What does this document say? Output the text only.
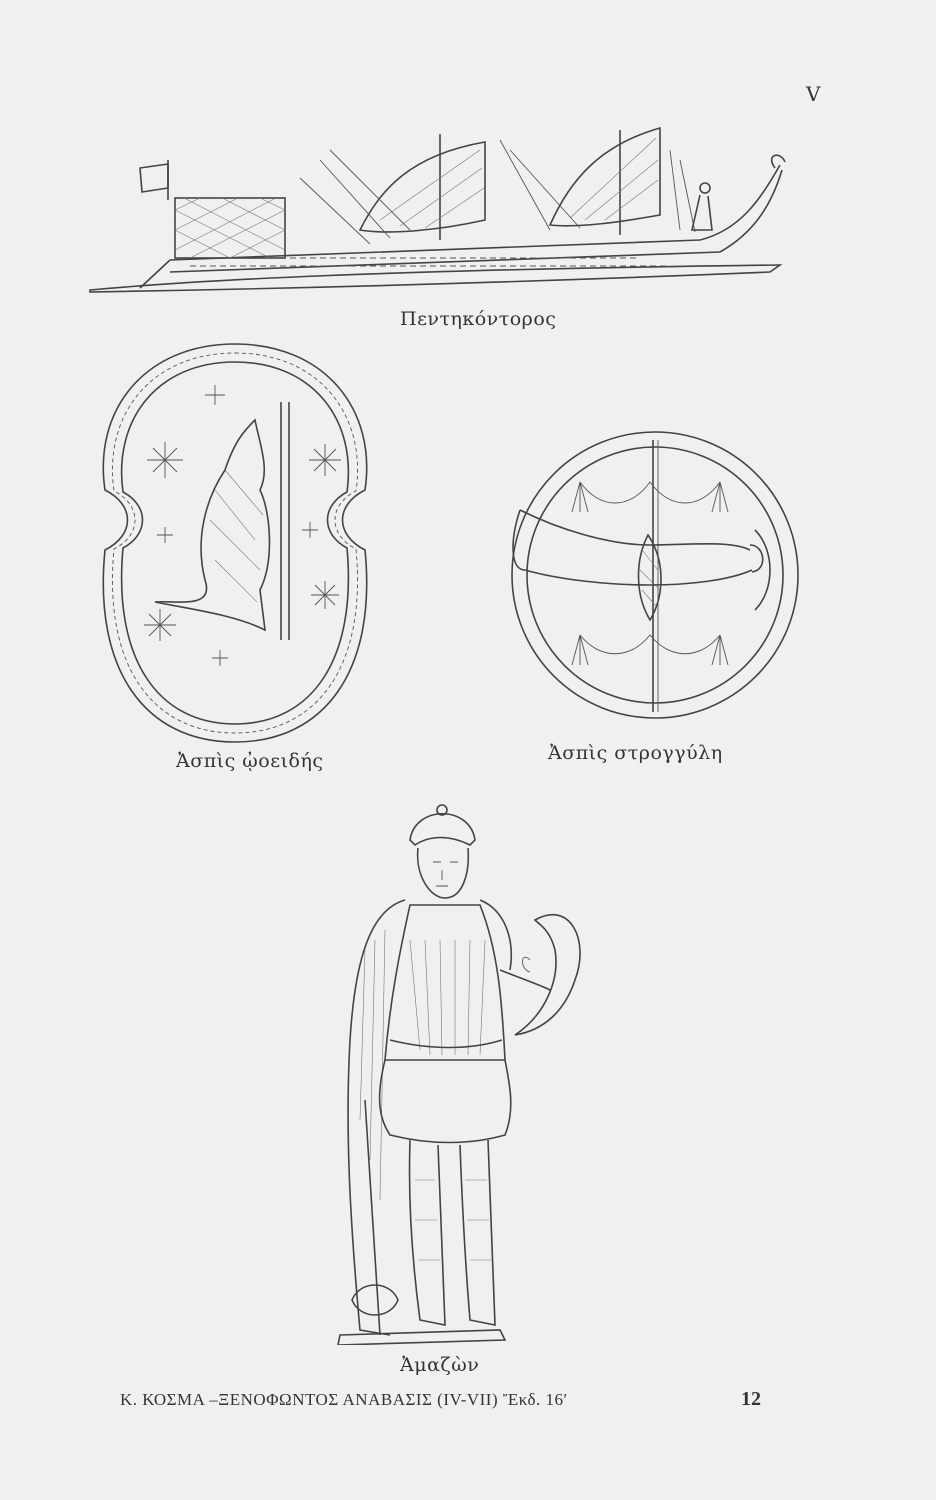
V
Πεντηκόντορος
Ἀσπὶς ᾠοειδής	Ἀσπὶς στρογγύλη
Ἀμαζὼν
Κ. ΚΟΣΜΑ –ΞΕΝΟΦΩΝΤΟΣ ΑΝΑΒΑΣΙΣ (IV-VII) Ἔκδ. 16′	12
